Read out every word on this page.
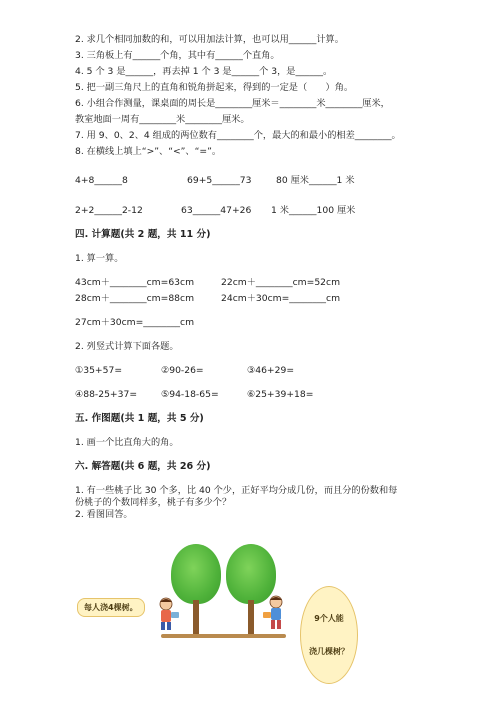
2. 求几个相同加数的和，可以用加法计算，也可以用______计算。
3. 三角板上有______个角，其中有______个直角。
4. 5 个 3 是______，再去掉 1 个 3 是______个 3，是______。
5. 把一副三角尺上的直角和锐角拼起来，得到的一定是（　　）角。
6. 小组合作测量，课桌面的周长是________厘米＝________米________厘米，
教室地面一周有________米________厘米。
7. 用 9、0、2、4 组成的两位数有________个，最大的和最小的相差________。
8. 在横线上填上“>”、“<”、“=”。
4+8______8	69+5______73	80 厘米______1 米
2+2______2-12	63______47+26 1 米______100 厘米
四. 计算题(共 2 题，共 11 分)
1. 算一算。
43cm＋________cm=63cm	22cm＋________cm=52cm
28cm＋________cm=88cm	24cm＋30cm=________cm
27cm＋30cm=________cm
2. 列竖式计算下面各题。
①35+57=	②90-26=	③46+29=
④88-25+37=	⑤94-18-65=	⑥25+39+18=
五. 作图题(共 1 题，共 5 分)
1. 画一个比直角大的角。
六. 解答题(共 6 题，共 26 分)
1. 有一些桃子比 30 个多，比 40 个少，正好平均分成几份，而且分的份数和每
份桃子的个数同样多，桃子有多少个？
2. 看图回答。
每人浇4棵树。

9个人能

浇几棵树？
